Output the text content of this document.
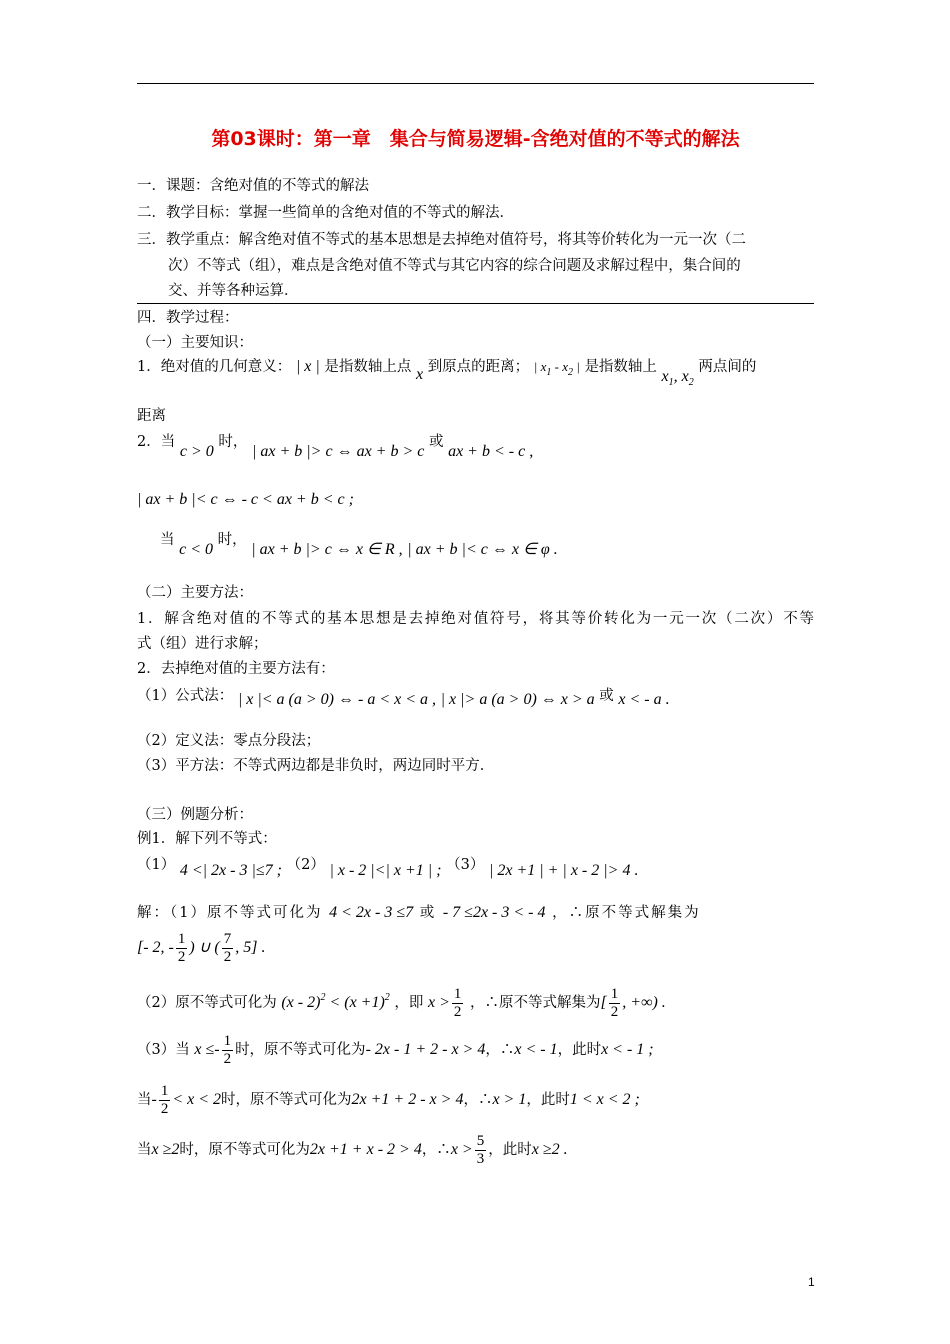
第03课时：第一章　集合与简易逻辑-含绝对值的不等式的解法
一．课题：含绝对值的不等式的解法
二．教学目标：掌握一些简单的含绝对值的不等式的解法．
三．教学重点：解含绝对值不等式的基本思想是去掉绝对值符号，将其等价转化为一元一次（二
次）不等式（组），难点是含绝对值不等式与其它内容的综合问题及求解过程中，集合间的
交、并等各种运算．
四．教学过程：
（一）主要知识：
1．绝对值的几何意义： | x | 是指数轴上点 x 到原点的距离； | $x_1 - x_2$ | 是指数轴上 $x_1$, $x_2$ 两点间的
距离
2．当 c > 0 时， | ax + b |> c ⇔ ax + b > c 或 ax + b < - c ,
| ax + b |< c ⇔ - c < ax + b < c ;
当 c < 0 时， | ax + b |> c ⇔ x ∈ R , | ax + b |< c ⇔ x ∈ φ .
（二）主要方法：
1．解含绝对值的不等式的基本思想是去掉绝对值符号，将其等价转化为一元一次（二次）不等
式（组）进行求解；
2．去掉绝对值的主要方法有：
（1）公式法： | x |< a (a > 0) ⇔ - a < x < a , | x |> a (a > 0) ⇔ x > a 或 x < - a .
（2）定义法：零点分段法；
（3）平方法：不等式两边都是非负时，两边同时平方．
（三）例题分析：
例1．解下列不等式：
（1） 4 <| 2x - 3 |≤7 ; （2） | x - 2 |<| x +1 | ; （3） | 2x +1 | + | x - 2 |> 4 .
解：（1）原不等式可化为 4 < 2x - 3 ≤7 或 - 7 ≤2x - 3 < - 4 ，∴原不等式解集为
[- 2, - $\frac{1}{2}$ ) ∪ ( $\frac{7}{2}$ , 5] .
（2）原不等式可化为 $(x - 2)^2 < (x +1)^2$ ，即 $x > \frac{1}{2}$ ，∴原不等式解集为[ $\frac{1}{2}$ , +∞) .
（3）当 $x \le- \frac{1}{2}$ 时，原不等式可化为- 2x - 1 + 2 - x > 4，∴x < - 1，此时x < - 1 ;
当- $\frac{1}{2} < x < 2$时，原不等式可化为2x +1 + 2 - x > 4，∴x > 1，此时1 < x < 2 ;
当x ≥2时，原不等式可化为2x +1 + x - 2 > 4，∴x > $\frac{5}{3}$ ，此时x ≥2 .
1
